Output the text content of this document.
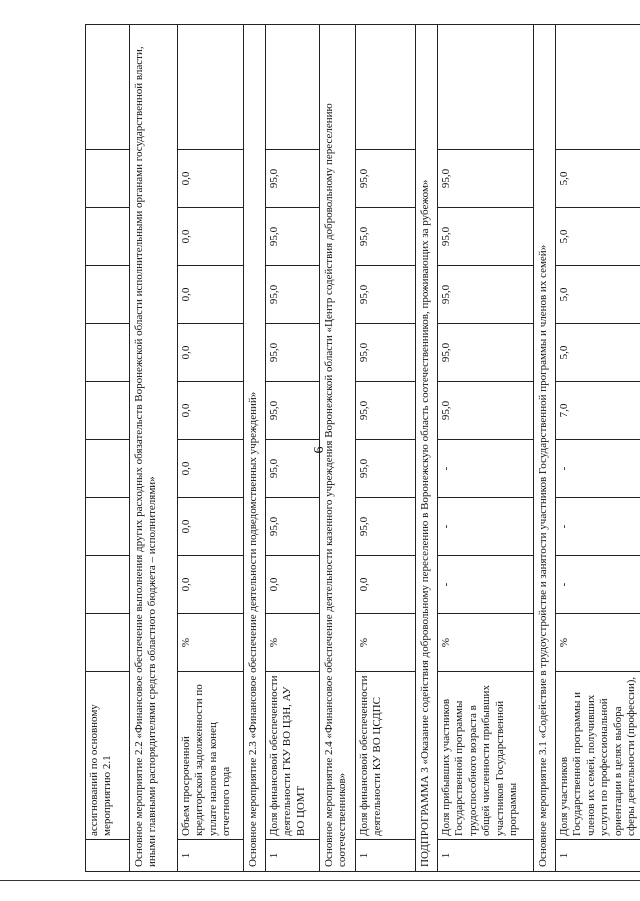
6
	ассигнований по основному мероприятию 2.1										
Основное мероприятие 2.2 «Финансовое обеспечение выполнения других расходных обязательств Воронежской области исполнительными органами государственной власти, иными главными распорядителями средств областного бюджета – исполнителями»											
1	Объем просроченной кредиторской задолженности по уплате налогов на конец отчетного года	%	0,0	0,0	0,0	0,0	0,0	0,0	0,0	0,0	
Основное мероприятие 2.3 «Финансовое обеспечение деятельности подведомственных учреждений»											
1	Доля финансовой обеспеченности деятельности ГКУ ВО ЦЗН, АУ ВО ЦОМТ	%	0,0	95,0	95,0	95,0	95,0	95,0	95,0	95,0	
Основное мероприятие 2.4 «Финансовое обеспечение деятельности казенного учреждения Воронежской области «Центр содействия добровольному переселению соотечественников»											
1	Доля финансовой обеспеченности деятельности КУ ВО ЦСДПС	%	0,0	95,0	95,0	95,0	95,0	95,0	95,0	95,0	
ПОДПРОГРАММА 3 «Оказание содействия добровольному переселению в Воронежскую область соотечественников, проживающих за рубежом»											
1	Доля прибывших участников Государственной программы трудоспособного возраста в общей численности прибывших участников Государственной программы	%	-	-	-	95,0	95,0	95,0	95,0	95,0	
Основное мероприятие 3.1 «Содействие в трудоустройстве и занятости участников Государственной программы и членов их семей»											
1	Доля участников Государственной программы и членов их семей, получивших услуги по профессиональной ориентации в целях выбора сферы деятельности (профессии),	%	-	-	-	7,0	5,0	5,0	5,0	5,0	
